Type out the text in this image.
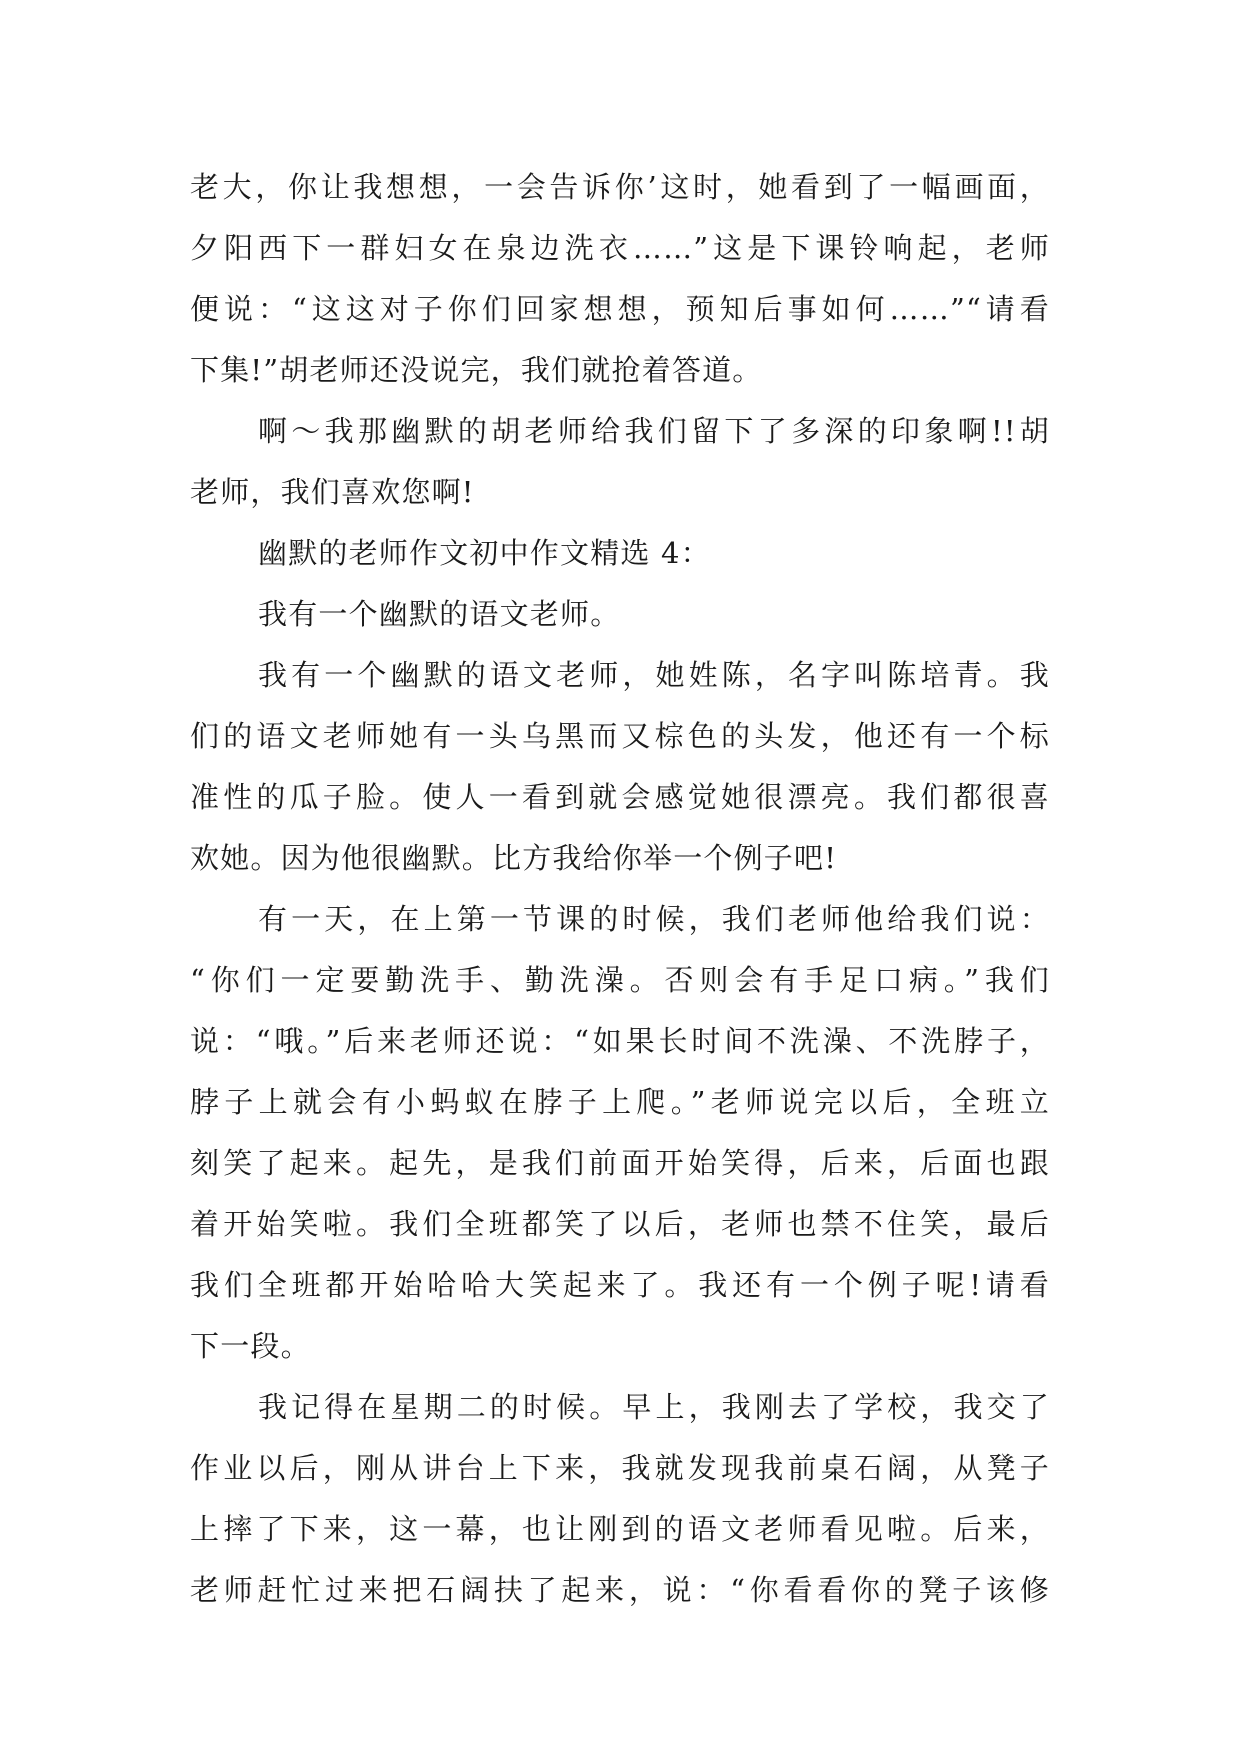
老大，你让我想想，一会告诉你’这时，她看到了一幅画面，
夕阳西下一群妇女在泉边洗衣……”这是下课铃响起，老师
便说：“这这对子你们回家想想，预知后事如何……”“请看
下集!”胡老师还没说完，我们就抢着答道。
啊～我那幽默的胡老师给我们留下了多深的印象啊!!胡
老师，我们喜欢您啊!
幽默的老师作文初中作文精选 4：
我有一个幽默的语文老师。
我有一个幽默的语文老师，她姓陈，名字叫陈培青。我
们的语文老师她有一头乌黑而又棕色的头发，他还有一个标
准性的瓜子脸。使人一看到就会感觉她很漂亮。我们都很喜
欢她。因为他很幽默。比方我给你举一个例子吧!
有一天，在上第一节课的时候，我们老师他给我们说：
“你们一定要勤洗手、勤洗澡。否则会有手足口病。”我们
说：“哦。”后来老师还说：“如果长时间不洗澡、不洗脖子，
脖子上就会有小蚂蚁在脖子上爬。”老师说完以后，全班立
刻笑了起来。起先，是我们前面开始笑得，后来，后面也跟
着开始笑啦。我们全班都笑了以后，老师也禁不住笑，最后
我们全班都开始哈哈大笑起来了。我还有一个例子呢!请看
下一段。
我记得在星期二的时候。早上，我刚去了学校，我交了
作业以后，刚从讲台上下来，我就发现我前桌石阔，从凳子
上摔了下来，这一幕，也让刚到的语文老师看见啦。后来，
老师赶忙过来把石阔扶了起来，说：“你看看你的凳子该修
